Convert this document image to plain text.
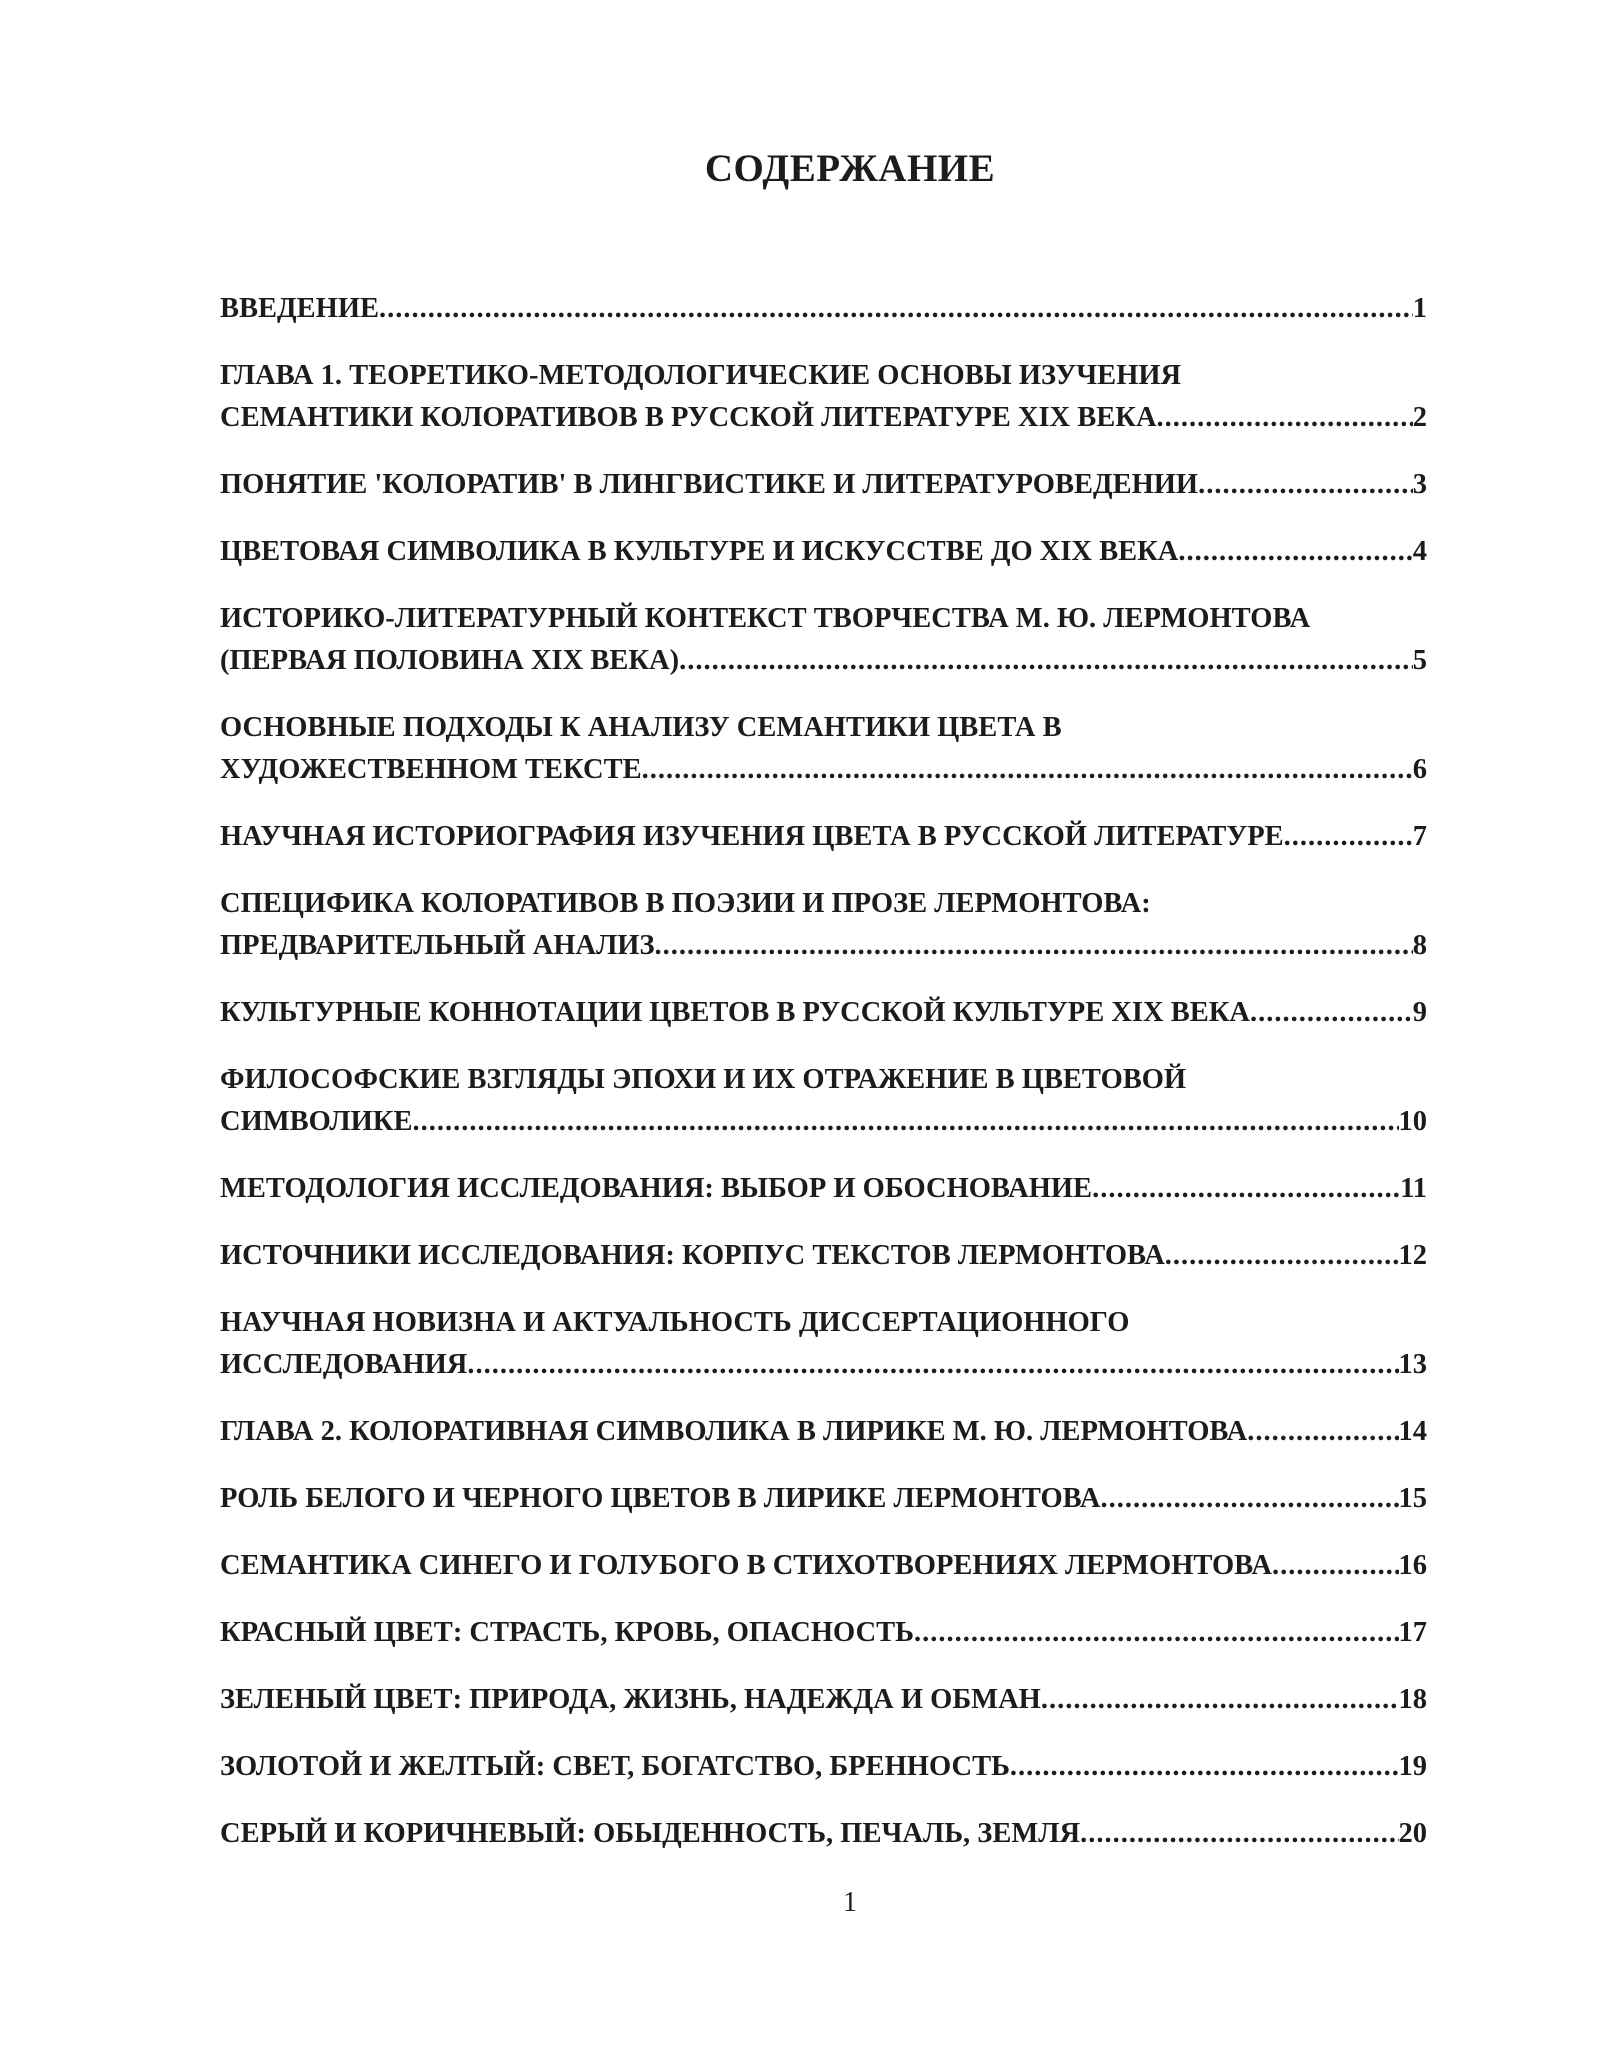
СОДЕРЖАНИЕ
ВВЕДЕНИЕ .....	1
ГЛАВА 1. ТЕОРЕТИКО-МЕТОДОЛОГИЧЕСКИЕ ОСНОВЫ ИЗУЧЕНИЯ
СЕМАНТИКИ КОЛОРАТИВОВ В РУССКОЙ ЛИТЕРАТУРЕ XIX ВЕКА .....	2
ПОНЯТИЕ 'КОЛОРАТИВ' В ЛИНГВИСТИКЕ И ЛИТЕРАТУРОВЕДЕНИИ .....	3
ЦВЕТОВАЯ СИМВОЛИКА В КУЛЬТУРЕ И ИСКУССТВЕ ДО XIX ВЕКА .....	4
ИСТОРИКО-ЛИТЕРАТУРНЫЙ КОНТЕКСТ ТВОРЧЕСТВА М. Ю. ЛЕРМОНТОВА
(ПЕРВАЯ ПОЛОВИНА XIX ВЕКА) .....	5
ОСНОВНЫЕ ПОДХОДЫ К АНАЛИЗУ СЕМАНТИКИ ЦВЕТА В
ХУДОЖЕСТВЕННОМ ТЕКСТЕ .....	6
НАУЧНАЯ ИСТОРИОГРАФИЯ ИЗУЧЕНИЯ ЦВЕТА В РУССКОЙ ЛИТЕРАТУРЕ .....	7
СПЕЦИФИКА КОЛОРАТИВОВ В ПОЭЗИИ И ПРОЗЕ ЛЕРМОНТОВА:
ПРЕДВАРИТЕЛЬНЫЙ АНАЛИЗ .....	8
КУЛЬТУРНЫЕ КОННОТАЦИИ ЦВЕТОВ В РУССКОЙ КУЛЬТУРЕ XIX ВЕКА .....	9
ФИЛОСОФСКИЕ ВЗГЛЯДЫ ЭПОХИ И ИХ ОТРАЖЕНИЕ В ЦВЕТОВОЙ
СИМВОЛИКЕ .....	10
МЕТОДОЛОГИЯ ИССЛЕДОВАНИЯ: ВЫБОР И ОБОСНОВАНИЕ .....	11
ИСТОЧНИКИ ИССЛЕДОВАНИЯ: КОРПУС ТЕКСТОВ ЛЕРМОНТОВА .....	12
НАУЧНАЯ НОВИЗНА И АКТУАЛЬНОСТЬ ДИССЕРТАЦИОННОГО
ИССЛЕДОВАНИЯ .....	13
ГЛАВА 2. КОЛОРАТИВНАЯ СИМВОЛИКА В ЛИРИКЕ М. Ю. ЛЕРМОНТОВА .....	14
РОЛЬ БЕЛОГО И ЧЕРНОГО ЦВЕТОВ В ЛИРИКЕ ЛЕРМОНТОВА .....	15
СЕМАНТИКА СИНЕГО И ГОЛУБОГО В СТИХОТВОРЕНИЯХ ЛЕРМОНТОВА .....	16
КРАСНЫЙ ЦВЕТ: СТРАСТЬ, КРОВЬ, ОПАСНОСТЬ .....	17
ЗЕЛЕНЫЙ ЦВЕТ: ПРИРОДА, ЖИЗНЬ, НАДЕЖДА И ОБМАН .....	18
ЗОЛОТОЙ И ЖЕЛТЫЙ: СВЕТ, БОГАТСТВО, БРЕННОСТЬ .....	19
СЕРЫЙ И КОРИЧНЕВЫЙ: ОБЫДЕННОСТЬ, ПЕЧАЛЬ, ЗЕМЛЯ .....	20
1
